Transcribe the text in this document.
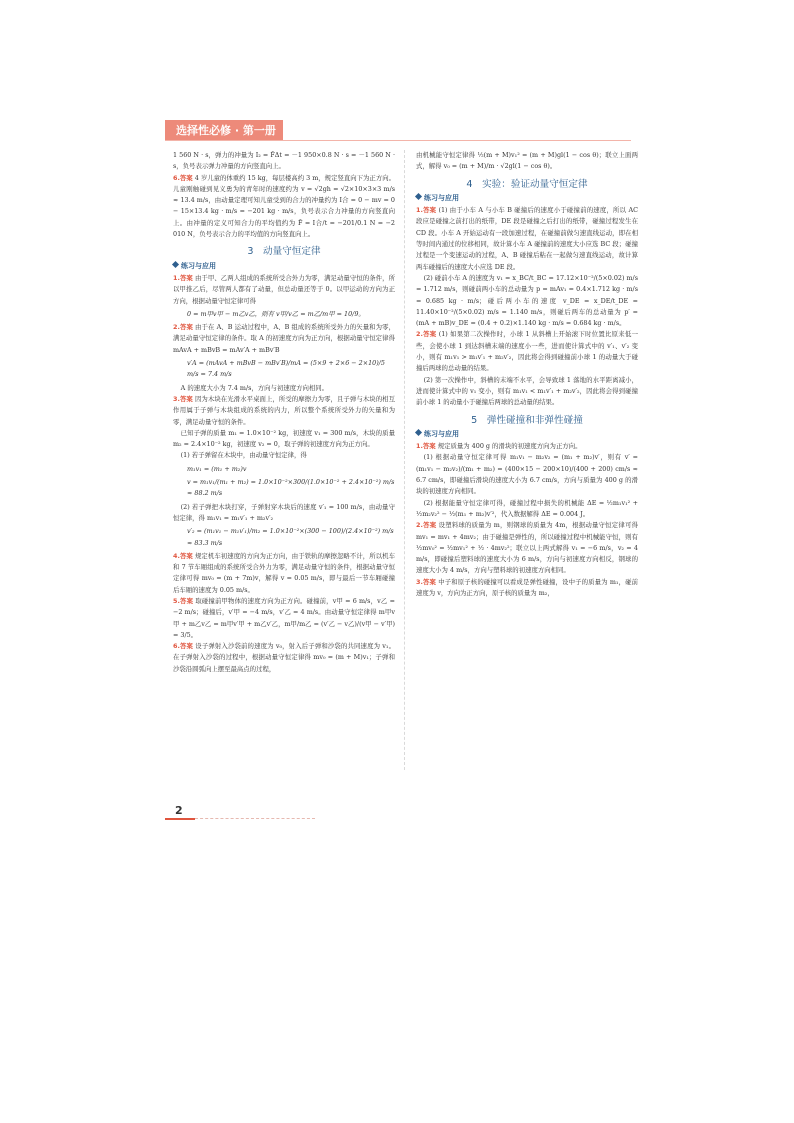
选择性必修 · 第一册

1 560 N · s，弹力的冲量为 I₂ = F̄Δt = －1 950×0.8 N · s = －1 560 N · s，负号表示弹力冲量的方向竖直向上。

6.答案 4 岁儿童的体重约 15 kg，每层楼高约 3 m，规定竖直向下为正方向。儿童刚触碰到见义勇为的青年时的速度约为 v = √2gh = √2×10×3×3 m/s ≈ 13.4 m/s，由动量定理可知儿童受到的合力的冲量约为 I合 = 0 − mv = 0 − 15×13.4 kg · m/s = −201 kg · m/s，负号表示合力冲量的方向竖直向上。由冲量的定义可知合力的平均值约为 F̄ = I合/t = −201/0.1 N = −2 010 N，负号表示合力的平均值的方向竖直向上。

3　动量守恒定律
练习与应用

1.答案 由于甲、乙两人组成的系统所受合外力为零，满足动量守恒的条件，所以甲推乙后，尽管两人都有了动量，但总动量还等于 0。以甲运动的方向为正方向，根据动量守恒定律可得

0 = m甲v甲 − m乙v乙，则有 v甲/v乙 = m乙/m甲 = 10/9。

2.答案 由于在 A、B 运动过程中，A、B 组成的系统所受外力的矢量和为零，满足动量守恒定律的条件。取 A 的初速度方向为正方向，根据动量守恒定律得 mAvA + mBvB = mAv′A + mBv′B

v′A = (mAvA + mBvB − mBv′B)/mA = (5×9 + 2×6 − 2×10)/5 m/s = 7.4 m/s

A 的速度大小为 7.4 m/s，方向与初速度方向相同。

3.答案 因为木块在光滑水平桌面上，所受的摩擦力为零，且子弹与木块的相互作用属于子弹与木块组成的系统的内力，所以整个系统所受外力的矢量和为零，满足动量守恒的条件。

已知子弹的质量 m₁ = 1.0×10⁻² kg，初速度 v₁ = 300 m/s，木块的质量 m₂ = 2.4×10⁻² kg，初速度 v₂ = 0，取子弹的初速度方向为正方向。

(1) 若子弹留在木块中，由动量守恒定律，得

m₁v₁ = (m₁ + m₂)v
v = m₁v₁/(m₁ + m₂) = 1.0×10⁻²×300/(1.0×10⁻² + 2.4×10⁻²) m/s ≈ 88.2 m/s

(2) 若子弹把木块打穿，子弹射穿木块后的速度 v′₁ = 100 m/s，由动量守恒定律，得 m₁v₁ = m₁v′₁ + m₂v′₂

v′₂ = (m₁v₁ − m₁v′₁)/m₂ = 1.0×10⁻²×(300 − 100)/(2.4×10⁻²) m/s ≈ 83.3 m/s

4.答案 规定机车初速度的方向为正方向，由于铁轨的摩擦忽略不计，所以机车和 7 节车厢组成的系统所受合外力为零，满足动量守恒的条件，根据动量守恒定律可得 mv₀ = (m + 7m)v，解得 v = 0.05 m/s，即与最后一节车厢碰撞后车厢的速度为 0.05 m/s。

5.答案 取碰撞前甲物体的速度方向为正方向。碰撞前，v甲 = 6 m/s，v乙 = −2 m/s；碰撞后，v′甲 = −4 m/s，v′乙 = 4 m/s。由动量守恒定律得 m甲v甲 + m乙v乙 = m甲v′甲 + m乙v′乙，m甲/m乙 = (v′乙 − v乙)/(v甲 − v′甲) = 3/5。

6.答案 设子弹射入沙袋前的速度为 v₀，射入后子弹和沙袋的共同速度为 v₁。在子弹射入沙袋的过程中，根据动量守恒定律得 mv₀ = (m + M)v₁；子弹和沙袋沿圆弧向上摆至最高点的过程，

由机械能守恒定律得 ½(m + M)v₁² = (m + M)gl(1 − cos θ)；联立上面两式，解得 v₀ = (m + M)/m · √2gl(1 − cos θ)。

4　实验：验证动量守恒定律
练习与应用

1.答案 (1) 由于小车 A 与小车 B 碰撞后的速度小于碰撞前的速度，所以 AC 段应是碰撞之前打出的纸带，DE 段是碰撞之后打出的纸带，碰撞过程发生在 CD 段。小车 A 开始运动有一段加速过程，在碰撞前做匀速直线运动，即在相等时间内通过的位移相同，故计算小车 A 碰撞前的速度大小应选 BC 段；碰撞过程是一个变速运动的过程，A、B 碰撞后粘在一起做匀速直线运动，故计算两车碰撞后的速度大小应选 DE 段。

(2) 碰前小车 A 的速度为 v₁ = x_BC/t_BC = 17.12×10⁻²/(5×0.02) m/s = 1.712 m/s，则碰前两小车的总动量为 p = mAv₁ = 0.4×1.712 kg · m/s = 0.685 kg · m/s；碰后两小车的速度 v_DE = x_DE/t_DE = 11.40×10⁻²/(5×0.02) m/s = 1.140 m/s，则碰后两车的总动量为 p′ = (mA + mB)v_DE = (0.4 + 0.2)×1.140 kg · m/s = 0.684 kg · m/s。

2.答案 (1) 如果第二次操作时，小球 1 从斜槽上开始滚下时位置比原来低一些，会使小球 1 到达斜槽末端的速度小一些，进而使计算式中的 v′₁、v′₂ 变小，则有 m₁v₁ > m₁v′₁ + m₂v′₂，因此将会得到碰撞前小球 1 的动量大于碰撞后两球的总动量的结果。

(2) 第一次操作中，斜槽的末端不水平，会导致球 1 落地的水平距离减小，进而使计算式中的 v₁ 变小，则有 m₁v₁ < m₁v′₁ + m₂v′₂，因此将会得到碰撞前小球 1 的动量小于碰撞后两球的总动量的结果。

5　弹性碰撞和非弹性碰撞
练习与应用

1.答案 规定质量为 400 g 的滑块的初速度方向为正方向。

(1) 根据动量守恒定律可得 m₁v₁ − m₂v₂ = (m₁ + m₂)v′，则有 v′ = (m₁v₁ − m₂v₂)/(m₁ + m₂) = (400×15 − 200×10)/(400 + 200) cm/s ≈ 6.7 cm/s，即碰撞后滑块的速度大小为 6.7 cm/s，方向与质量为 400 g 的滑块的初速度方向相同。

(2) 根据能量守恒定律可得，碰撞过程中损失的机械能 ΔE = ½m₁v₁² + ½m₂v₂² − ½(m₁ + m₂)v′²，代入数据解得 ΔE = 0.004 J。

2.答案 设塑料球的质量为 m，则钢球的质量为 4m，根据动量守恒定律可得 mv₁ = mv₁ + 4mv₂；由于碰撞是弹性的，所以碰撞过程中机械能守恒，则有 ½mv₀² = ½mv₁² + ½ · 4mv₂²；联立以上两式解得 v₁ = −6 m/s，v₂ = 4 m/s，即碰撞后塑料球的速度大小为 6 m/s，方向与初速度方向相反，钢球的速度大小为 4 m/s，方向与塑料球的初速度方向相同。

3.答案 中子和原子核的碰撞可以看成是弹性碰撞，设中子的质量为 m₁，碰前速度为 v，方向为正方向，原子核的质量为 m₂，

2
